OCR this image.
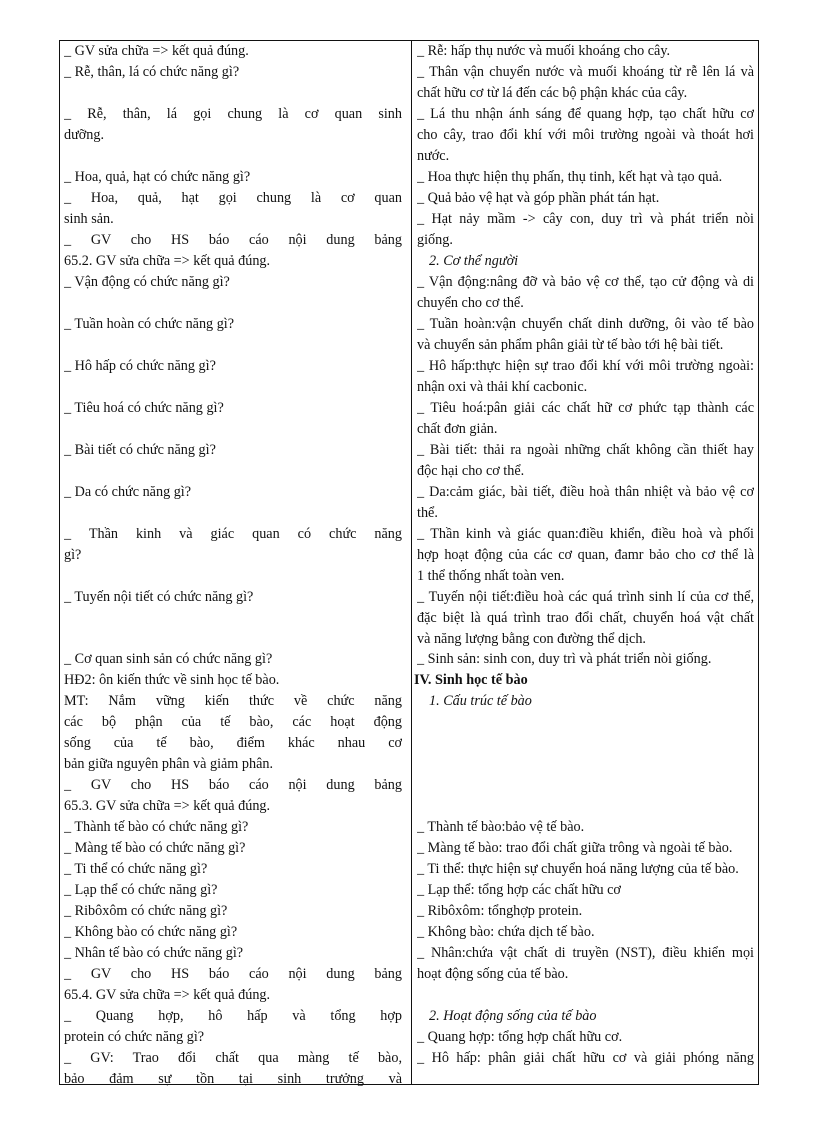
_ GV sửa chữa => kết quả đúng.
_ Rễ, thân, lá có chức năng gì?
_ Rễ, thân, lá gọi chung là cơ quan sinh
dưỡng.
_ Hoa, quả, hạt có chức năng gì?
_ Hoa, quả, hạt gọi chung là cơ quan
sinh sản.
_ GV cho HS báo cáo nội dung bảng
65.2. GV sửa chữa => kết quả đúng.
_ Vận động có chức năng gì?
_ Tuần hoàn có chức năng gì?
_ Hô hấp có chức năng gì?
_ Tiêu hoá có chức năng gì?
_ Bài tiết có chức năng gì?
_ Da có chức năng gì?
_ Thần kinh và giác quan có chức năng
gì?
_ Tuyến nội tiết có chức năng gì?
_ Cơ quan sinh sản có chức năng gì?
HĐ2: ôn kiến thức về sinh học tế bào.
MT: Nắm vững kiến thức về chức năng
các bộ phận của tế bào, các hoạt động
sống của tế bào, điểm khác nhau cơ
bản giữa nguyên phân và giảm phân.
_ GV cho HS báo cáo nội dung bảng
65.3. GV sửa chữa => kết quả đúng.
_ Thành tế bào có chức năng gì?
_ Màng tế bào có chức năng gì?
_ Ti thể có chức năng gì?
_ Lạp thể có chức năng gì?
_ Ribôxôm có chức năng gì?
_ Không bào có chức năng gì?
_ Nhân tế bào có chức năng gì?
_ GV cho HS báo cáo nội dung bảng
65.4. GV sửa chữa => kết quả đúng.
_ Quang hợp, hô hấp và tổng hợp
protein có chức năng gì?
_ GV: Trao đổi chất qua màng tế bào,
bảo đảm sự tồn tại sinh trưởng và
_ Rễ: hấp thụ nước và muối khoáng cho cây.
_ Thân vận chuyển nước và muối khoáng từ rễ lên lá và
chất hữu cơ từ lá đến các bộ phận khác của cây.
_ Lá thu nhận ánh sáng để quang hợp, tạo chất hữu cơ
cho cây, trao đổi khí với môi trường ngoài và thoát hơi
nước.
_ Hoa thực hiện thụ phấn, thụ tinh, kết hạt và tạo quả.
_ Quả bảo vệ hạt và góp phần phát tán hạt.
_ Hạt nảy mầm -> cây con, duy trì và phát triển nòi
giống.
2. Cơ thể người
_ Vận động:nâng đỡ và bảo vệ cơ thể, tạo cử động và di
chuyển cho cơ thể.
_ Tuần hoàn:vận chuyển chất dinh dưỡng, ôi vào tế bào
và chuyển sản phẩm phân giải từ tế bào tới hệ bài tiết.
_ Hô hấp:thực hiện sự trao đổi khí với môi trường ngoài:
nhận oxi và thải khí cacbonic.
_ Tiêu hoá:pân giải các chất hữ cơ phức tạp thành các
chất đơn giản.
_ Bài tiết: thải ra ngoài những chất không cần thiết hay
độc hại cho cơ thể.
_ Da:cảm giác, bài tiết, điều hoà thân nhiệt và bảo vệ cơ
thể.
_ Thần kinh và giác quan:điều khiển, điều hoà và phối
hợp hoạt động của các cơ quan, đamr bảo cho cơ thể là
1 thể thống nhất toàn ven.
_ Tuyến nội tiết:điều hoà các quá trình sinh lí của cơ thể,
đặc biệt là quá trình trao đổi chất, chuyển hoá vật chất
và năng lượng bằng con đường thể dịch.
_ Sinh sản: sinh con, duy trì và phát triển nòi giống.
IV. Sinh học tế bào
1. Cấu trúc tế bào
_ Thành tế bào:bảo vệ tế bào.
_ Màng tế bào: trao đổi chất giữa trông và ngoài tế bào.
_ Ti thể: thực hiện sự chuyển hoá năng lượng của tế bào.
_ Lạp thể: tổng hợp các chất hữu cơ
_ Ribôxôm: tổnghợp protein.
_ Không bào: chứa dịch tế bào.
_ Nhân:chứa vật chất di truyền (NST), điều khiển mọi
hoạt động sống của tế bào.
2. Hoạt động sống của tế bào
_ Quang hợp: tổng hợp chất hữu cơ.
_ Hô hấp: phân giải chất hữu cơ và giải phóng năng
